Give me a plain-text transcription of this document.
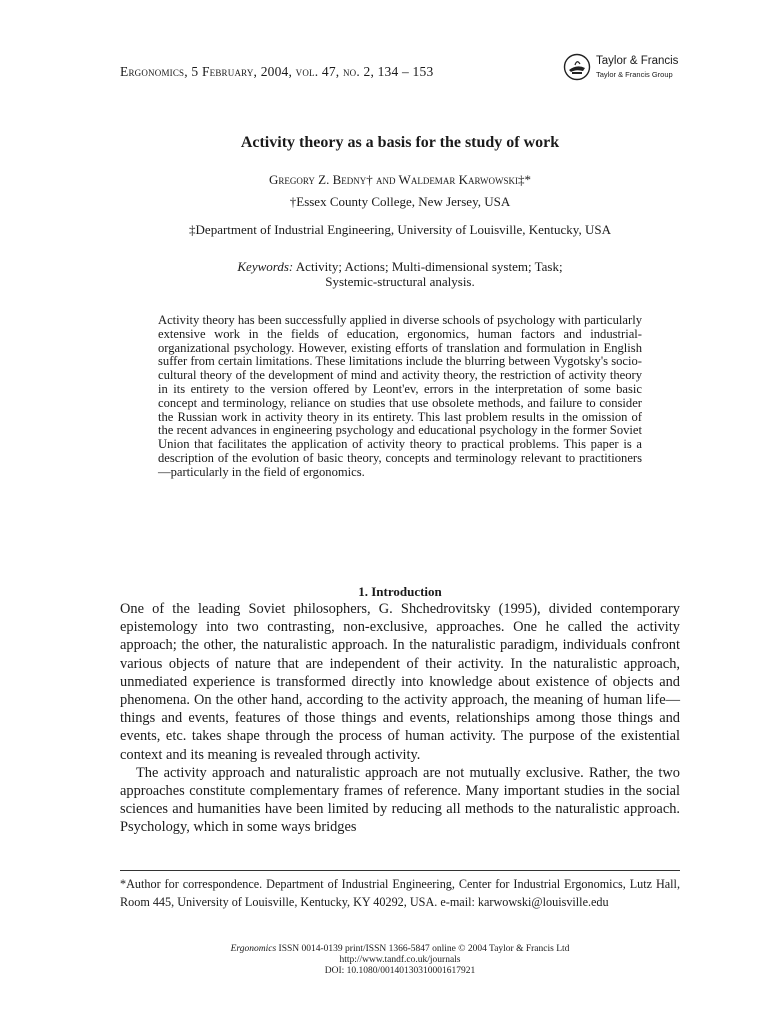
Ergonomics, 5 February, 2004, vol. 47, no. 2, 134 – 153
Taylor & Francis
Taylor & Francis Group
Activity theory as a basis for the study of work
Gregory Z. Bedny† and Waldemar Karwowski‡*
†Essex County College, New Jersey, USA
‡Department of Industrial Engineering, University of Louisville, Kentucky, USA
Keywords: Activity; Actions; Multi-dimensional system; Task;
Systemic-structural analysis.
Activity theory has been successfully applied in diverse schools of psychology with particularly extensive work in the fields of education, ergonomics, human factors and industrial-organizational psychology. However, existing efforts of translation and formulation in English suffer from certain limitations. These limitations include the blurring between Vygotsky's socio-cultural theory of the development of mind and activity theory, the restriction of activity theory in its entirety to the version offered by Leont'ev, errors in the interpretation of some basic concept and terminology, reliance on studies that use obsolete methods, and failure to consider the Russian work in activity theory in its entirety. This last problem results in the omission of the recent advances in engineering psychology and educational psychology in the former Soviet Union that facilitates the application of activity theory to practical problems. This paper is a description of the evolution of basic theory, concepts and terminology relevant to practitioners—particularly in the field of ergonomics.
1. Introduction

One of the leading Soviet philosophers, G. Shchedrovitsky (1995), divided contemporary epistemology into two contrasting, non-exclusive, approaches. One he called the activity approach; the other, the naturalistic approach. In the naturalistic paradigm, individuals confront various objects of nature that are independent of their activity. In the naturalistic approach, unmediated experience is transformed directly into knowledge about existence of objects and phenomena. On the other hand, according to the activity approach, the meaning of human life—things and events, features of those things and events, relationships among those things and events, etc. takes shape through the process of human activity. The purpose of the existential context and its meaning is revealed through activity.

The activity approach and naturalistic approach are not mutually exclusive. Rather, the two approaches constitute complementary frames of reference. Many important studies in the social sciences and humanities have been limited by reducing all methods to the naturalistic approach. Psychology, which in some ways bridges

*Author for correspondence. Department of Industrial Engineering, Center for Industrial Ergonomics, Lutz Hall, Room 445, University of Louisville, Kentucky, KY 40292, USA. e-mail: karwowski@louisville.edu
Ergonomics ISSN 0014-0139 print/ISSN 1366-5847 online © 2004 Taylor & Francis Ltd
http://www.tandf.co.uk/journals
DOI: 10.1080/00140130310001617921
